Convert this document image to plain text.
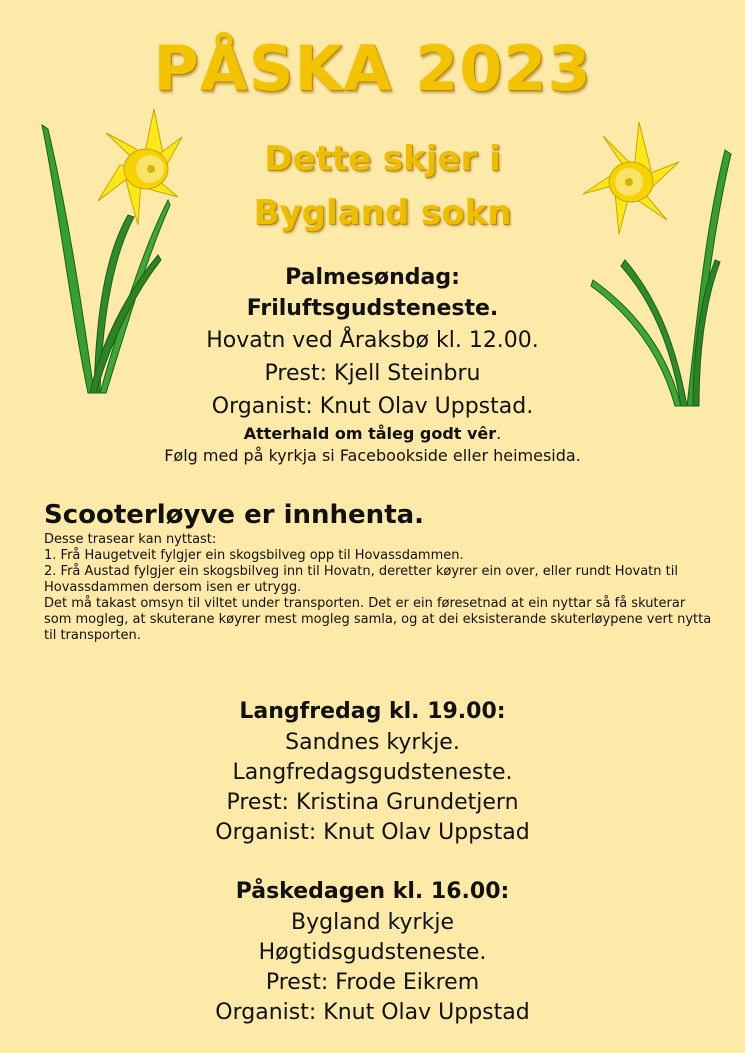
PÅSKA 2023
Dette skjer i
Bygland sokn
Palmesøndag:
Friluftsgudsteneste.
Hovatn ved Åraksbø kl. 12.00.
Prest: Kjell Steinbru
Organist: Knut Olav Uppstad.
Atterhald om tåleg godt vêr.
Følg med på kyrkja si Facebookside eller heimesida.
Scooterløyve er innhenta.
Desse trasear kan nyttast:
1. Frå Haugetveit fylgjer ein skogsbilveg opp til Hovassdammen.
2. Frå Austad fylgjer ein skogsbilveg inn til Hovatn, deretter køyrer ein over, eller rundt Hovatn til Hovassdammen dersom isen er utrygg.
Det må takast omsyn til viltet under transporten. Det er ein føresetnad at ein nyttar så få skuterar som mogleg, at skuterane køyrer mest mogleg samla, og at dei eksisterande skuterløypene vert nytta til transporten.
Langfredag kl. 19.00:
Sandnes kyrkje.
Langfredagsgudsteneste.
Prest: Kristina Grundetjern
Organist: Knut Olav Uppstad
Påskedagen kl. 16.00:
Bygland kyrkje
Høgtidsgudsteneste.
Prest: Frode Eikrem
Organist: Knut Olav Uppstad
